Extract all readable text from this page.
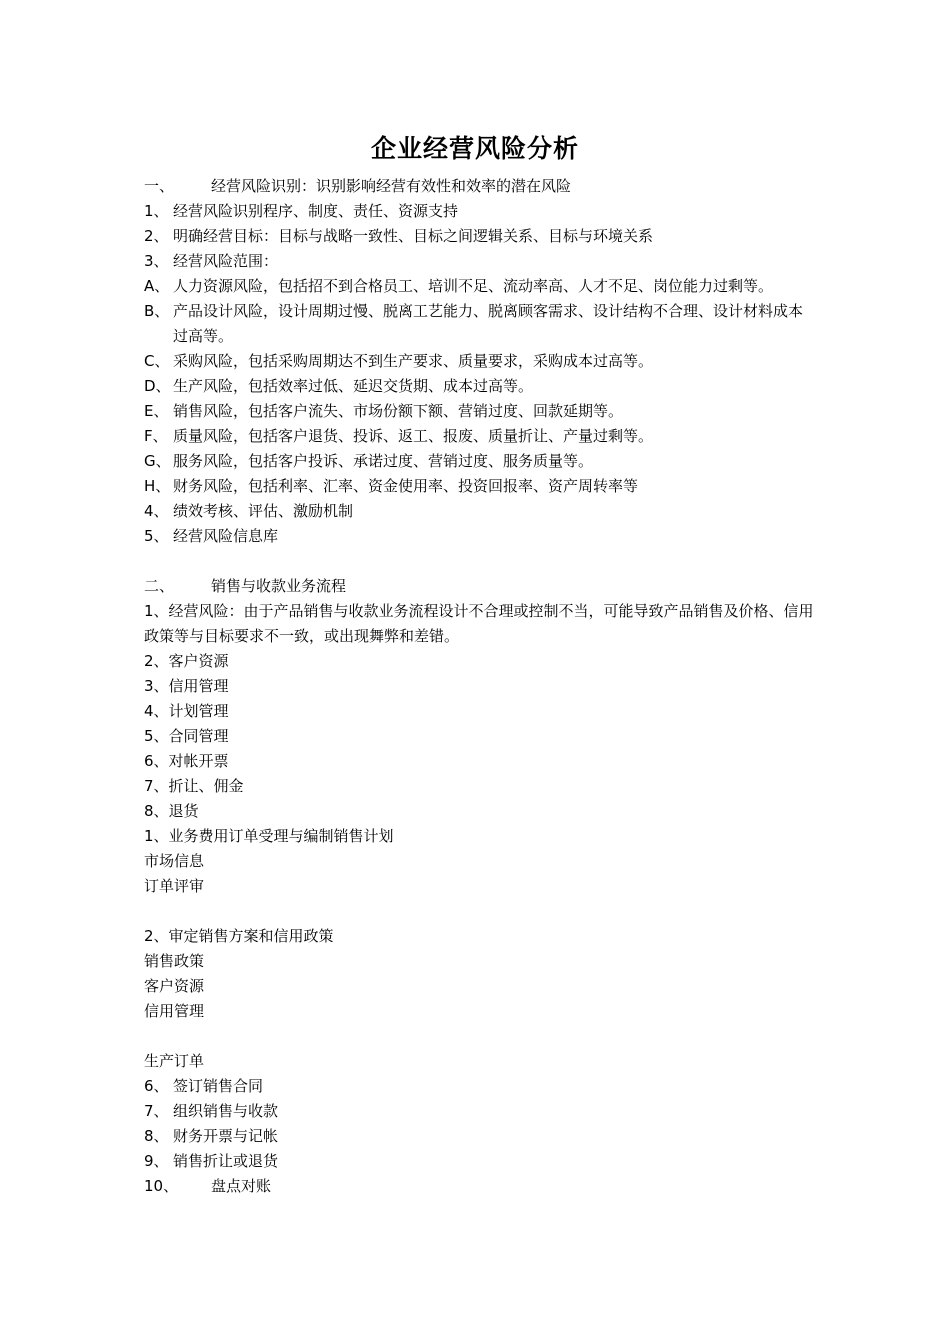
企业经营风险分析
一、	经营风险识别：识别影响经营有效性和效率的潜在风险
1、 经营风险识别程序、制度、责任、资源支持
2、 明确经营目标：目标与战略一致性、目标之间逻辑关系、目标与环境关系
3、 经营风险范围：
A、 人力资源风险，包括招不到合格员工、培训不足、流动率高、人才不足、岗位能力过剩等。
B、 产品设计风险，设计周期过慢、脱离工艺能力、脱离顾客需求、设计结构不合理、设计材料成本过高等。
C、 采购风险，包括采购周期达不到生产要求、质量要求，采购成本过高等。
D、 生产风险，包括效率过低、延迟交货期、成本过高等。
E、 销售风险，包括客户流失、市场份额下额、营销过度、回款延期等。
F、 质量风险，包括客户退货、投诉、返工、报废、质量折让、产量过剩等。
G、 服务风险，包括客户投诉、承诺过度、营销过度、服务质量等。
H、 财务风险，包括利率、汇率、资金使用率、投资回报率、资产周转率等
4、 绩效考核、评估、激励机制
5、 经营风险信息库
二、	销售与收款业务流程
1、经营风险：由于产品销售与收款业务流程设计不合理或控制不当，可能导致产品销售及价格、信用政策等与目标要求不一致，或出现舞弊和差错。
2、客户资源
3、信用管理
4、计划管理
5、合同管理
6、对帐开票
7、折让、佣金
8、退货
1、业务费用订单受理与编制销售计划
市场信息
订单评审
2、审定销售方案和信用政策
销售政策
客户资源
信用管理
生产订单
6、 签订销售合同
7、 组织销售与收款
8、 财务开票与记帐
9、 销售折让或退货
10、	盘点对账
